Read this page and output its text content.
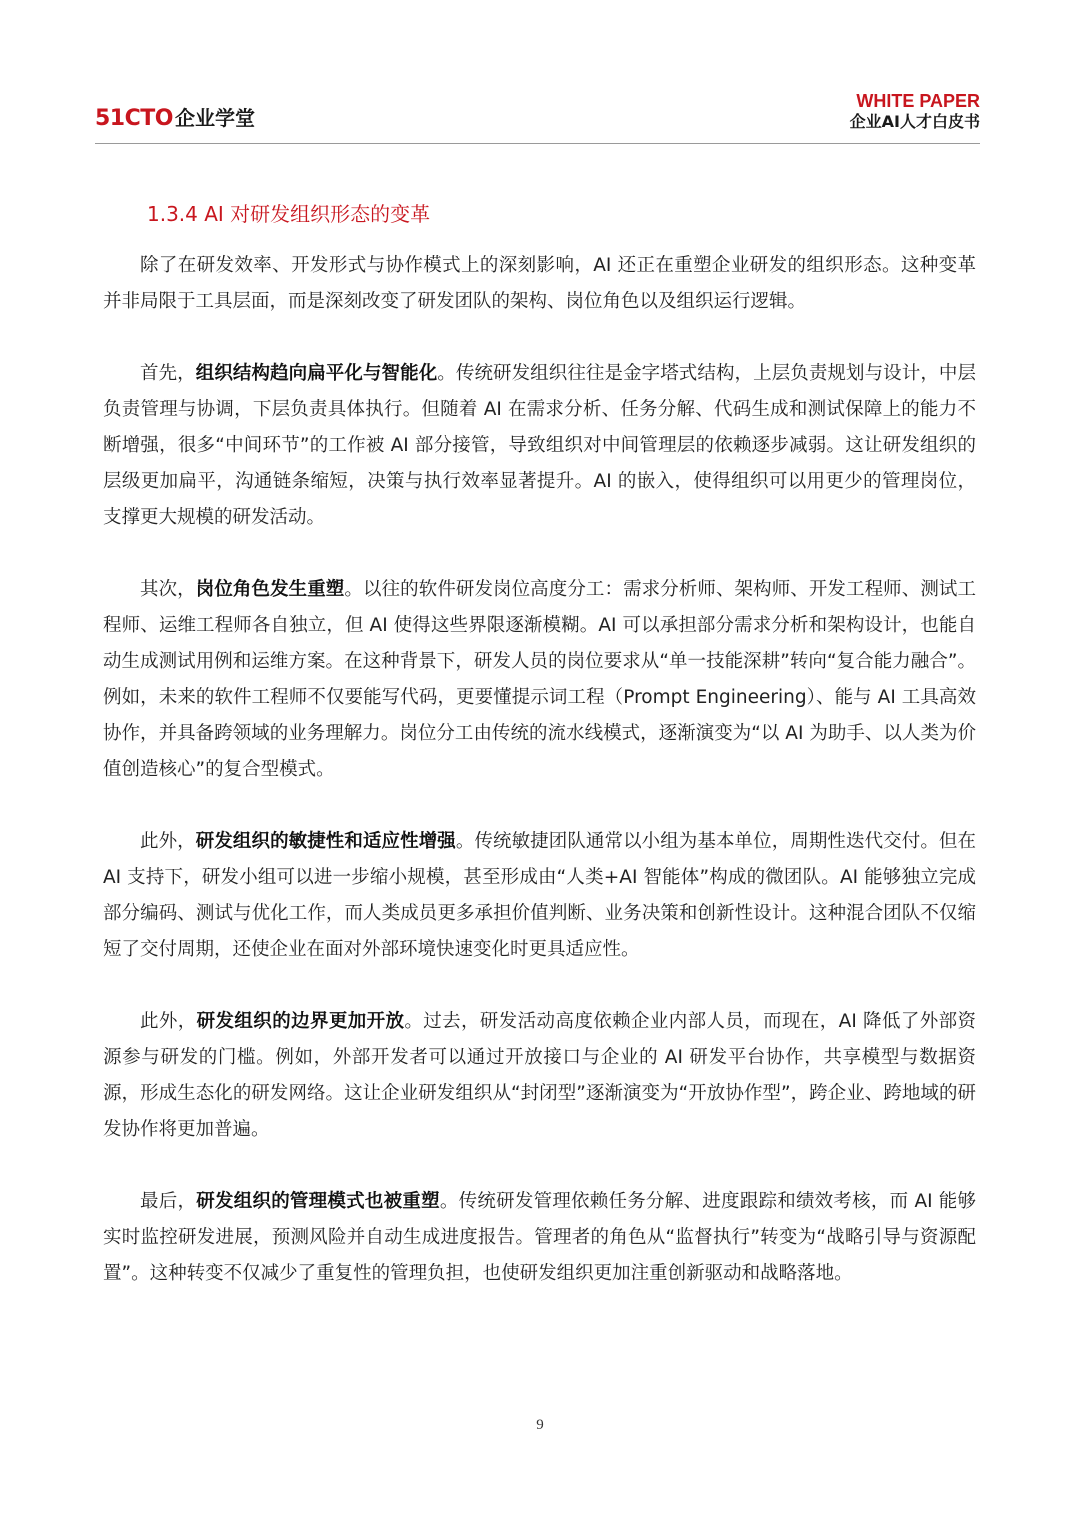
51CTO 企业学堂
WHITE PAPER
企业AI人才白皮书
1.3.4 AI 对研发组织形态的变革

除了在研发效率、开发形式与协作模式上的深刻影响，AI 还正在重塑企业研发的组织形态。这种变革并非局限于工具层面，而是深刻改变了研发团队的架构、岗位角色以及组织运行逻辑。

首先，组织结构趋向扁平化与智能化。传统研发组织往往是金字塔式结构，上层负责规划与设计，中层负责管理与协调，下层负责具体执行。但随着 AI 在需求分析、任务分解、代码生成和测试保障上的能力不断增强，很多“中间环节”的工作被 AI 部分接管，导致组织对中间管理层的依赖逐步减弱。这让研发组织的层级更加扁平，沟通链条缩短，决策与执行效率显著提升。AI 的嵌入，使得组织可以用更少的管理岗位，支撑更大规模的研发活动。

其次，岗位角色发生重塑。以往的软件研发岗位高度分工：需求分析师、架构师、开发工程师、测试工程师、运维工程师各自独立，但 AI 使得这些界限逐渐模糊。AI 可以承担部分需求分析和架构设计，也能自动生成测试用例和运维方案。在这种背景下，研发人员的岗位要求从“单一技能深耕”转向“复合能力融合”。例如，未来的软件工程师不仅要能写代码，更要懂提示词工程（Prompt Engineering）、能与 AI 工具高效协作，并具备跨领域的业务理解力。岗位分工由传统的流水线模式，逐渐演变为“以 AI 为助手、以人类为价值创造核心”的复合型模式。

此外，研发组织的敏捷性和适应性增强。传统敏捷团队通常以小组为基本单位，周期性迭代交付。但在 AI 支持下，研发小组可以进一步缩小规模，甚至形成由“人类+AI 智能体”构成的微团队。AI 能够独立完成部分编码、测试与优化工作，而人类成员更多承担价值判断、业务决策和创新性设计。这种混合团队不仅缩短了交付周期，还使企业在面对外部环境快速变化时更具适应性。

此外，研发组织的边界更加开放。过去，研发活动高度依赖企业内部人员，而现在，AI 降低了外部资源参与研发的门槛。例如，外部开发者可以通过开放接口与企业的 AI 研发平台协作，共享模型与数据资源，形成生态化的研发网络。这让企业研发组织从“封闭型”逐渐演变为“开放协作型”，跨企业、跨地域的研发协作将更加普遍。

最后，研发组织的管理模式也被重塑。传统研发管理依赖任务分解、进度跟踪和绩效考核，而 AI 能够实时监控研发进展，预测风险并自动生成进度报告。管理者的角色从“监督执行”转变为“战略引导与资源配置”。这种转变不仅减少了重复性的管理负担，也使研发组织更加注重创新驱动和战略落地。

9
